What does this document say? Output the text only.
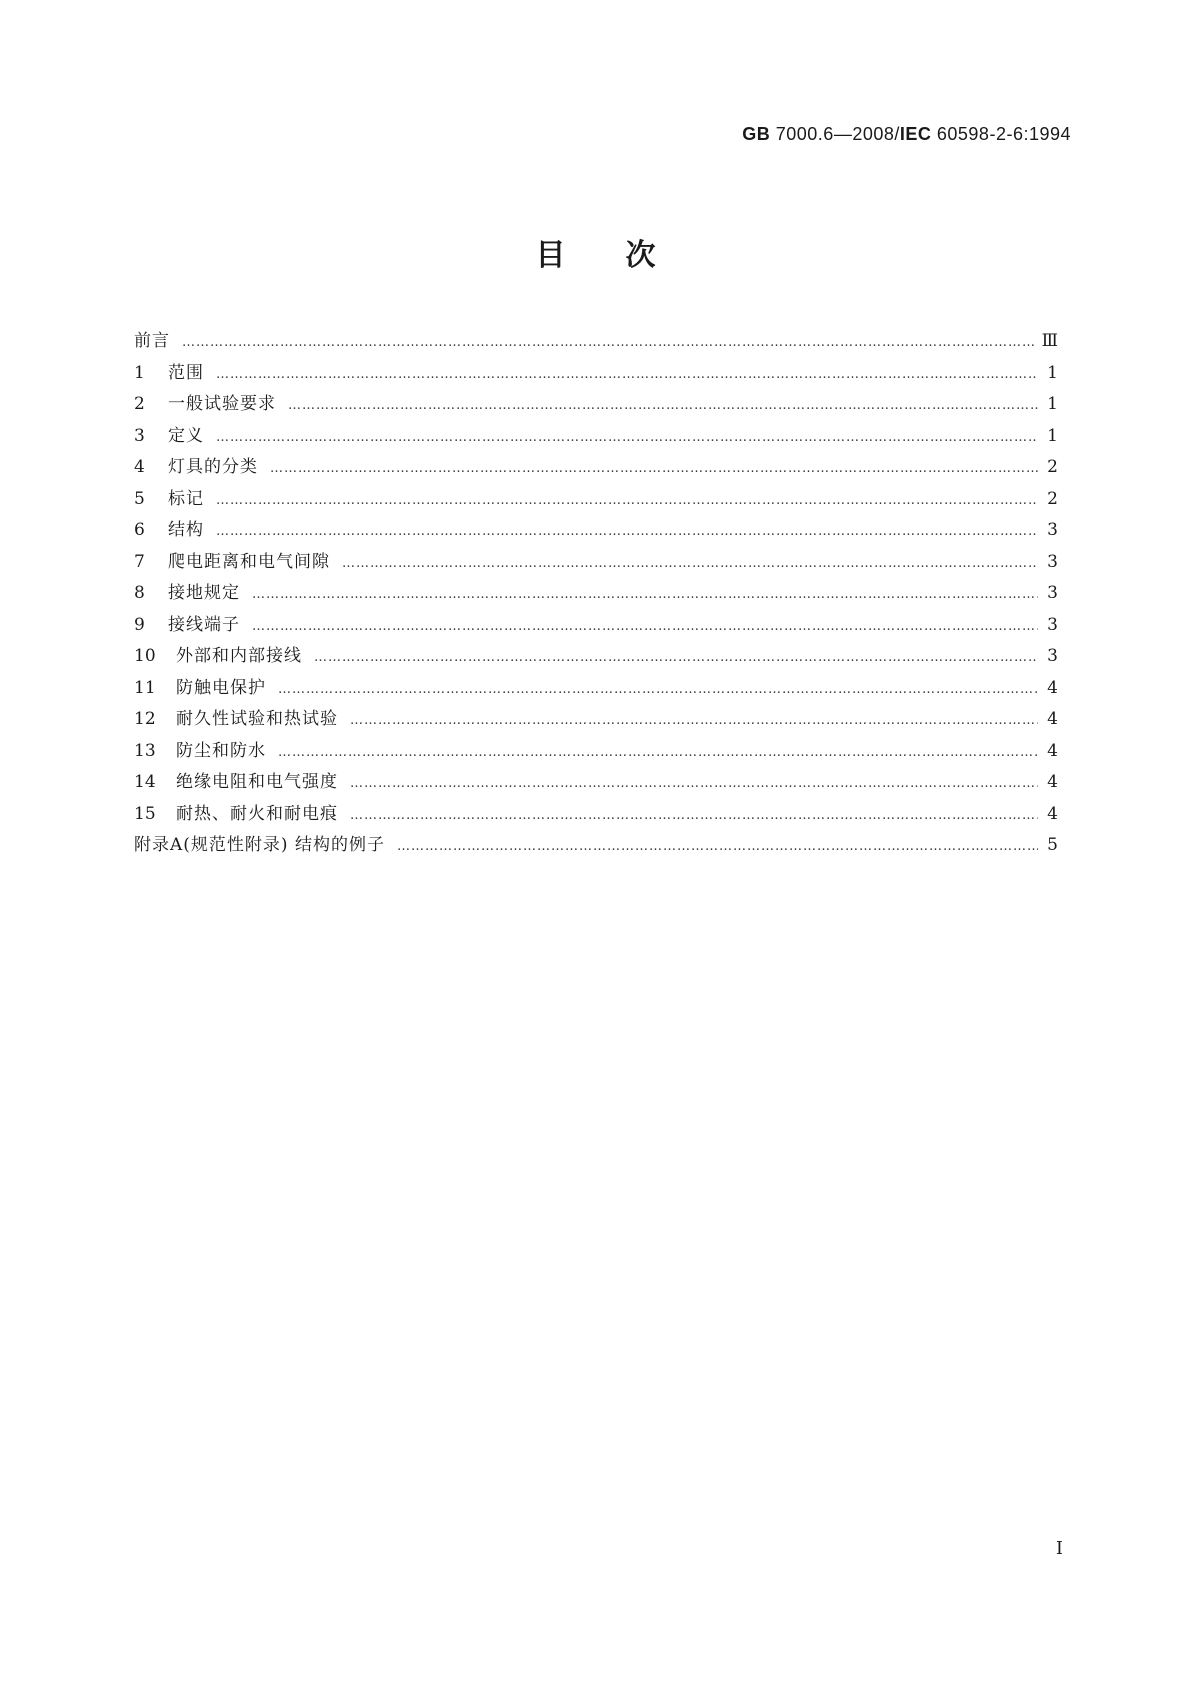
GB 7000.6—2008/IEC 60598-2-6:1994
目次
前言 ……………………………………………………………………………………………………………………………………………………………………………………………………	Ⅲ
1	范围 ……………………………………………………………………………………………………………………………………………………………………………………………………	1
2	一般试验要求 ……………………………………………………………………………………………………………………………………………………………………………………………………	1
3	定义 ……………………………………………………………………………………………………………………………………………………………………………………………………	1
4	灯具的分类 ……………………………………………………………………………………………………………………………………………………………………………………………………	2
5	标记 ……………………………………………………………………………………………………………………………………………………………………………………………………	2
6	结构 ……………………………………………………………………………………………………………………………………………………………………………………………………	3
7	爬电距离和电气间隙 ……………………………………………………………………………………………………………………………………………………………………………………………………	3
8	接地规定 ……………………………………………………………………………………………………………………………………………………………………………………………………	3
9	接线端子 ……………………………………………………………………………………………………………………………………………………………………………………………………	3
10	外部和内部接线 ……………………………………………………………………………………………………………………………………………………………………………………………………	3
11	防触电保护 ……………………………………………………………………………………………………………………………………………………………………………………………………	4
12	耐久性试验和热试验 ……………………………………………………………………………………………………………………………………………………………………………………………………	4
13	防尘和防水 ……………………………………………………………………………………………………………………………………………………………………………………………………	4
14	绝缘电阻和电气强度 ……………………………………………………………………………………………………………………………………………………………………………………………………	4
15	耐热、耐火和耐电痕 ……………………………………………………………………………………………………………………………………………………………………………………………………	4
附录A(规范性附录) 结构的例子 ……………………………………………………………………………………………………………………………………………………………………………………………………	5
I
